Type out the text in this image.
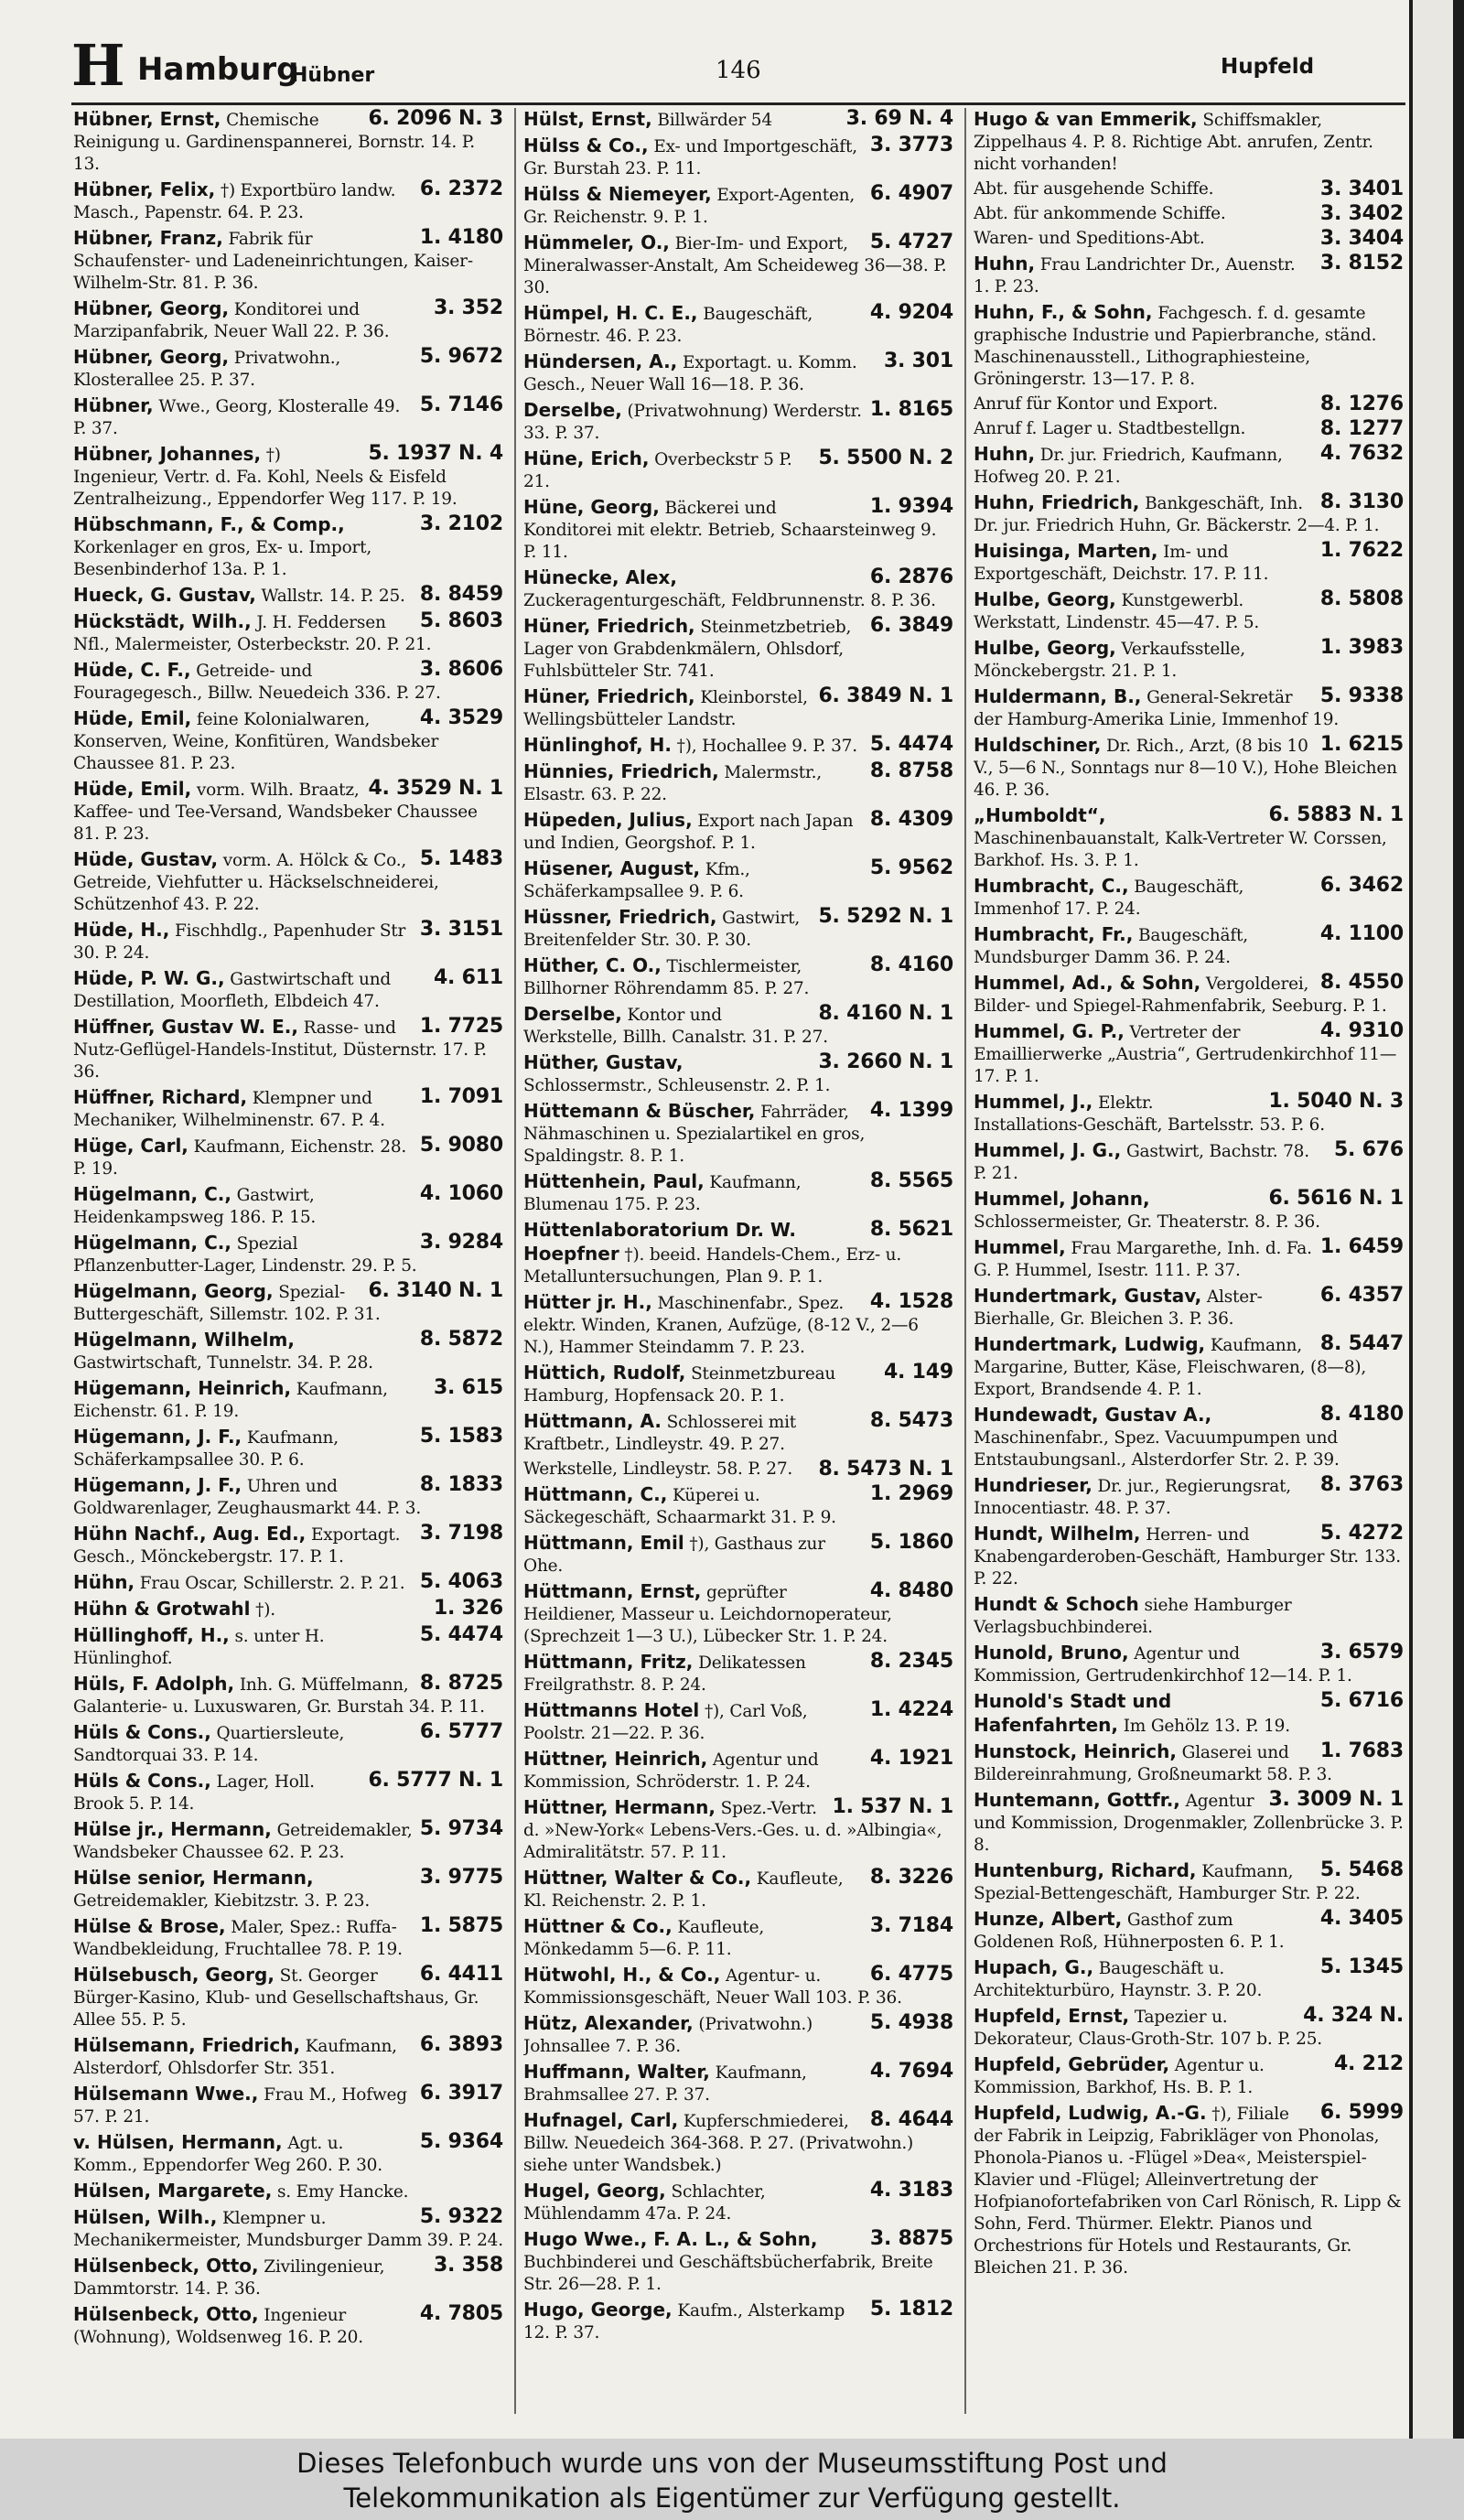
H Hamburg
Hübner	146	Hupfeld

6. 2096 N. 3
Hübner, Ernst, Chemische Reinigung u. Gardinenspannerei, Bornstr. 14. P. 13.

6. 2372
Hübner, Felix, †) Exportbüro landw. Masch., Papenstr. 64. P. 23.

1. 4180
Hübner, Franz, Fabrik für Schaufenster- und Ladeneinrichtungen, Kaiser-Wilhelm-Str. 81. P. 36.

3. 352
Hübner, Georg, Konditorei und Marzipanfabrik, Neuer Wall 22. P. 36.

5. 9672
Hübner, Georg, Privatwohn., Klosterallee 25. P. 37.

5. 7146
Hübner, Wwe., Georg, Klosteralle 49. P. 37.

5. 1937 N. 4
Hübner, Johannes, †) Ingenieur, Vertr. d. Fa. Kohl, Neels & Eisfeld Zentralheizung., Eppendorfer Weg 117. P. 19.

3. 2102
Hübschmann, F., & Comp., Korkenlager en gros, Ex- u. Import, Besenbinderhof 13a. P. 1.

8. 8459
Hueck, G. Gustav, Wallstr. 14. P. 25.

5. 8603
Hückstädt, Wilh., J. H. Feddersen Nfl., Malermeister, Osterbeckstr. 20. P. 21.

3. 8606
Hüde, C. F., Getreide- und Fouragegesch., Billw. Neuedeich 336. P. 27.

4. 3529
Hüde, Emil, feine Kolonialwaren, Konserven, Weine, Konfitüren, Wandsbeker Chaussee 81. P. 23.

4. 3529 N. 1
Hüde, Emil, vorm. Wilh. Braatz, Kaffee- und Tee-Versand, Wandsbeker Chaussee 81. P. 23.

5. 1483
Hüde, Gustav, vorm. A. Hölck & Co., Getreide, Viehfutter u. Häckselschneiderei, Schützenhof 43. P. 22.

3. 3151
Hüde, H., Fischhdlg., Papenhuder Str 30. P. 24.

4. 611
Hüde, P. W. G., Gastwirtschaft und Destillation, Moorfleth, Elbdeich 47.

1. 7725
Hüffner, Gustav W. E., Rasse- und Nutz-Geflügel-Handels-Institut, Düsternstr. 17. P. 36.

1. 7091
Hüffner, Richard, Klempner und Mechaniker, Wilhelminenstr. 67. P. 4.

5. 9080
Hüge, Carl, Kaufmann, Eichenstr. 28. P. 19.

4. 1060
Hügelmann, C., Gastwirt, Heidenkampsweg 186. P. 15.

3. 9284
Hügelmann, C., Spezial Pflanzenbutter-Lager, Lindenstr. 29. P. 5.

6. 3140 N. 1
Hügelmann, Georg, Spezial-Buttergeschäft, Sillemstr. 102. P. 31.

8. 5872
Hügelmann, Wilhelm, Gastwirtschaft, Tunnelstr. 34. P. 28.

3. 615
Hügemann, Heinrich, Kaufmann, Eichenstr. 61. P. 19.

5. 1583
Hügemann, J. F., Kaufmann, Schäferkampsallee 30. P. 6.

8. 1833
Hügemann, J. F., Uhren und Goldwarenlager, Zeughausmarkt 44. P. 3.

3. 7198
Hühn Nachf., Aug. Ed., Exportagt. Gesch., Mönckebergstr. 17. P. 1.

5. 4063
Hühn, Frau Oscar, Schillerstr. 2. P. 21.

1. 326
Hühn & Grotwahl †).

5. 4474
Hüllinghoff, H., s. unter H. Hünlinghof.

8. 8725
Hüls, F. Adolph, Inh. G. Müffelmann, Galanterie- u. Luxuswaren, Gr. Burstah 34. P. 11.

6. 5777
Hüls & Cons., Quartiersleute, Sandtorquai 33. P. 14.

6. 5777 N. 1
Hüls & Cons., Lager, Holl. Brook 5. P. 14.

5. 9734
Hülse jr., Hermann, Getreidemakler, Wandsbeker Chaussee 62. P. 23.

3. 9775
Hülse senior, Hermann, Getreidemakler, Kiebitzstr. 3. P. 23.

1. 5875
Hülse & Brose, Maler, Spez.: Ruffa-Wandbekleidung, Fruchtallee 78. P. 19.

6. 4411
Hülsebusch, Georg, St. Georger Bürger-Kasino, Klub- und Gesellschaftshaus, Gr. Allee 55. P. 5.

6. 3893
Hülsemann, Friedrich, Kaufmann, Alsterdorf, Ohlsdorfer Str. 351.

6. 3917
Hülsemann Wwe., Frau M., Hofweg 57. P. 21.

5. 9364
v. Hülsen, Hermann, Agt. u. Komm., Eppendorfer Weg 260. P. 30.

Hülsen, Margarete, s. Emy Hancke.

5. 9322
Hülsen, Wilh., Klempner u. Mechanikermeister, Mundsburger Damm 39. P. 24.

3. 358
Hülsenbeck, Otto, Zivilingenieur, Dammtorstr. 14. P. 36.

4. 7805
Hülsenbeck, Otto, Ingenieur (Wohnung), Woldsenweg 16. P. 20.

3. 69 N. 4
Hülst, Ernst, Billwärder 54

3. 3773
Hülss & Co., Ex- und Importgeschäft, Gr. Burstah 23. P. 11.

6. 4907
Hülss & Niemeyer, Export-Agenten, Gr. Reichenstr. 9. P. 1.

5. 4727
Hümmeler, O., Bier-Im- und Export, Mineralwasser-Anstalt, Am Scheideweg 36—38. P. 30.

4. 9204
Hümpel, H. C. E., Baugeschäft, Börnestr. 46. P. 23.

3. 301
Hündersen, A., Exportagt. u. Komm. Gesch., Neuer Wall 16—18. P. 36.

1. 8165
Derselbe, (Privatwohnung) Werderstr. 33. P. 37.

5. 5500 N. 2
Hüne, Erich, Overbeckstr 5 P. 21.

1. 9394
Hüne, Georg, Bäckerei und Konditorei mit elektr. Betrieb, Schaarsteinweg 9. P. 11.

6. 2876
Hünecke, Alex, Zuckeragenturgeschäft, Feldbrunnenstr. 8. P. 36.

6. 3849
Hüner, Friedrich, Steinmetzbetrieb, Lager von Grabdenkmälern, Ohlsdorf, Fuhlsbütteler Str. 741.

6. 3849 N. 1
Hüner, Friedrich, Kleinborstel, Wellingsbütteler Landstr.

5. 4474
Hünlinghof, H. †), Hochallee 9. P. 37.

8. 8758
Hünnies, Friedrich, Malermstr., Elsastr. 63. P. 22.

8. 4309
Hüpeden, Julius, Export nach Japan und Indien, Georgshof. P. 1.

5. 9562
Hüsener, August, Kfm., Schäferkampsallee 9. P. 6.

5. 5292 N. 1
Hüssner, Friedrich, Gastwirt, Breitenfelder Str. 30. P. 30.

8. 4160
Hüther, C. O., Tischlermeister, Billhorner Röhrendamm 85. P. 27.

8. 4160 N. 1
Derselbe, Kontor und Werkstelle, Billh. Canalstr. 31. P. 27.

3. 2660 N. 1
Hüther, Gustav, Schlossermstr., Schleusenstr. 2. P. 1.

4. 1399
Hüttemann & Büscher, Fahrräder, Nähmaschinen u. Spezialartikel en gros, Spaldingstr. 8. P. 1.

8. 5565
Hüttenhein, Paul, Kaufmann, Blumenau 175. P. 23.

8. 5621
Hüttenlaboratorium Dr. W. Hoepfner †). beeid. Handels-Chem., Erz- u. Metalluntersuchungen, Plan 9. P. 1.

4. 1528
Hütter jr. H., Maschinenfabr., Spez. elektr. Winden, Kranen, Aufzüge, (8-12 V., 2—6 N.), Hammer Steindamm 7. P. 23.

4. 149
Hüttich, Rudolf, Steinmetzbureau Hamburg, Hopfensack 20. P. 1.

8. 5473
Hüttmann, A. Schlosserei mit Kraftbetr., Lindleystr. 49. P. 27.

8. 5473 N. 1
Werkstelle, Lindleystr. 58. P. 27.

1. 2969
Hüttmann, C., Küperei u. Säckegeschäft, Schaarmarkt 31. P. 9.

5. 1860
Hüttmann, Emil †), Gasthaus zur Ohe.

4. 8480
Hüttmann, Ernst, geprüfter Heildiener, Masseur u. Leichdornoperateur, (Sprechzeit 1—3 U.), Lübecker Str. 1. P. 24.

8. 2345
Hüttmann, Fritz, Delikatessen Freilgrathstr. 8. P. 24.

1. 4224
Hüttmanns Hotel †), Carl Voß, Poolstr. 21—22. P. 36.

4. 1921
Hüttner, Heinrich, Agentur und Kommission, Schröderstr. 1. P. 24.

1. 537 N. 1
Hüttner, Hermann, Spez.-Vertr. d. »New-York« Lebens-Vers.-Ges. u. d. »Albingia«, Admiralitätstr. 57. P. 11.

8. 3226
Hüttner, Walter & Co., Kaufleute, Kl. Reichenstr. 2. P. 1.

3. 7184
Hüttner & Co., Kaufleute, Mönkedamm 5—6. P. 11.

6. 4775
Hütwohl, H., & Co., Agentur- u. Kommissionsgeschäft, Neuer Wall 103. P. 36.

5. 4938
Hütz, Alexander, (Privatwohn.) Johnsallee 7. P. 36.

4. 7694
Huffmann, Walter, Kaufmann, Brahmsallee 27. P. 37.

8. 4644
Hufnagel, Carl, Kupferschmiederei, Billw. Neuedeich 364-368. P. 27. (Privatwohn.) siehe unter Wandsbek.)

4. 3183
Hugel, Georg, Schlachter, Mühlendamm 47a. P. 24.

3. 8875
Hugo Wwe., F. A. L., & Sohn, Buchbinderei und Geschäftsbücherfabrik, Breite Str. 26—28. P. 1.

5. 1812
Hugo, George, Kaufm., Alsterkamp 12. P. 37.

Hugo & van Emmerik, Schiffsmakler, Zippelhaus 4. P. 8. Richtige Abt. anrufen, Zentr. nicht vorhanden!

3. 3401
Abt. für ausgehende Schiffe.

3. 3402
Abt. für ankommende Schiffe.

3. 3404
Waren- und Speditions-Abt.

3. 8152
Huhn, Frau Landrichter Dr., Auenstr. 1. P. 23.

Huhn, F., & Sohn, Fachgesch. f. d. gesamte graphische Industrie und Papierbranche, ständ. Maschinenausstell., Lithographiesteine, Gröningerstr. 13—17. P. 8.

8. 1276
Anruf für Kontor und Export.

8. 1277
Anruf f. Lager u. Stadtbestellgn.

4. 7632
Huhn, Dr. jur. Friedrich, Kaufmann, Hofweg 20. P. 21.

8. 3130
Huhn, Friedrich, Bankgeschäft, Inh. Dr. jur. Friedrich Huhn, Gr. Bäckerstr. 2—4. P. 1.

1. 7622
Huisinga, Marten, Im- und Exportgeschäft, Deichstr. 17. P. 11.

8. 5808
Hulbe, Georg, Kunstgewerbl. Werkstatt, Lindenstr. 45—47. P. 5.

1. 3983
Hulbe, Georg, Verkaufsstelle, Mönckebergstr. 21. P. 1.

5. 9338
Huldermann, B., General-Sekretär der Hamburg-Amerika Linie, Immenhof 19.

1. 6215
Huldschiner, Dr. Rich., Arzt, (8 bis 10 V., 5—6 N., Sonntags nur 8—10 V.), Hohe Bleichen 46. P. 36.

6. 5883 N. 1
„Humboldt“, Maschinenbauanstalt, Kalk-Vertreter W. Corssen, Barkhof. Hs. 3. P. 1.

6. 3462
Humbracht, C., Baugeschäft, Immenhof 17. P. 24.

4. 1100
Humbracht, Fr., Baugeschäft, Mundsburger Damm 36. P. 24.

8. 4550
Hummel, Ad., & Sohn, Vergolderei, Bilder- und Spiegel-Rahmenfabrik, Seeburg. P. 1.

4. 9310
Hummel, G. P., Vertreter der Emaillierwerke „Austria“, Gertrudenkirchhof 11—17. P. 1.

1. 5040 N. 3
Hummel, J., Elektr. Installations-Geschäft, Bartelsstr. 53. P. 6.

5. 676
Hummel, J. G., Gastwirt, Bachstr. 78. P. 21.

6. 5616 N. 1
Hummel, Johann, Schlossermeister, Gr. Theaterstr. 8. P. 36.

1. 6459
Hummel, Frau Margarethe, Inh. d. Fa. G. P. Hummel, Isestr. 111. P. 37.

6. 4357
Hundertmark, Gustav, Alster-Bierhalle, Gr. Bleichen 3. P. 36.

8. 5447
Hundertmark, Ludwig, Kaufmann, Margarine, Butter, Käse, Fleischwaren, (8—8), Export, Brandsende 4. P. 1.

8. 4180
Hundewadt, Gustav A., Maschinenfabr., Spez. Vacuumpumpen und Entstaubungsanl., Alsterdorfer Str. 2. P. 39.

8. 3763
Hundrieser, Dr. jur., Regierungsrat, Innocentiastr. 48. P. 37.

5. 4272
Hundt, Wilhelm, Herren- und Knabengarderoben-Geschäft, Hamburger Str. 133. P. 22.

Hundt & Schoch siehe Hamburger Verlagsbuchbinderei.

3. 6579
Hunold, Bruno, Agentur und Kommission, Gertrudenkirchhof 12—14. P. 1.

5. 6716
Hunold's Stadt und Hafenfahrten, Im Gehölz 13. P. 19.

1. 7683
Hunstock, Heinrich, Glaserei und Bildereinrahmung, Großneumarkt 58. P. 3.

3. 3009 N. 1
Huntemann, Gottfr., Agentur und Kommission, Drogenmakler, Zollenbrücke 3. P. 8.

5. 5468
Huntenburg, Richard, Kaufmann, Spezial-Bettengeschäft, Hamburger Str. P. 22.

4. 3405
Hunze, Albert, Gasthof zum Goldenen Roß, Hühnerposten 6. P. 1.

5. 1345
Hupach, G., Baugeschäft u. Architekturbüro, Haynstr. 3. P. 20.

4. 324 N.
Hupfeld, Ernst, Tapezier u. Dekorateur, Claus-Groth-Str. 107 b. P. 25.

4. 212
Hupfeld, Gebrüder, Agentur u. Kommission, Barkhof, Hs. B. P. 1.

6. 5999
Hupfeld, Ludwig, A.-G. †), Filiale der Fabrik in Leipzig, Fabrikläger von Phonolas, Phonola-Pianos u. -Flügel »Dea«, Meisterspiel-Klavier und -Flügel; Alleinvertretung der Hofpianofortefabriken von Carl Rönisch, R. Lipp & Sohn, Ferd. Thürmer. Elektr. Pianos und Orchestrions für Hotels und Restaurants, Gr. Bleichen 21. P. 36.

Dieses Telefonbuch wurde uns von der Museumsstiftung Post und
Telekommunikation als Eigentümer zur Verfügung gestellt.
